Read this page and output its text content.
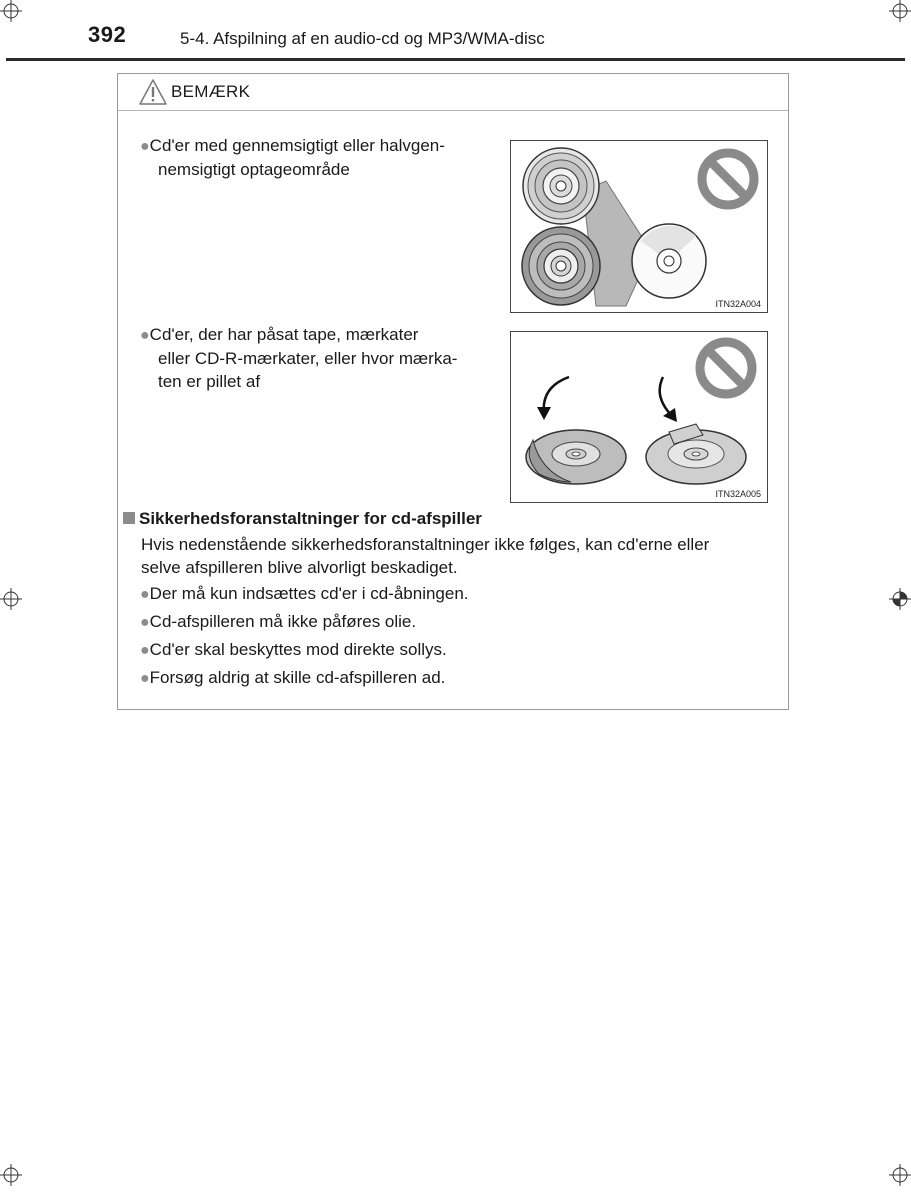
392	5-4. Afspilning af en audio-cd og MP3/WMA-disc
BEMÆRK
●Cd'er med gennemsigtigt eller halvgen-
nemsigtigt optageområde
ITN32A004
●Cd'er, der har påsat tape, mærkater
eller CD-R-mærkater, eller hvor mærka-
ten er pillet af
ITN32A005
Sikkerhedsforanstaltninger for cd-afspiller
Hvis nedenstående sikkerhedsforanstaltninger ikke følges, kan cd'erne eller
selve afspilleren blive alvorligt beskadiget.
●Der må kun indsættes cd'er i cd-åbningen.
●Cd-afspilleren må ikke påføres olie.
●Cd'er skal beskyttes mod direkte sollys.
●Forsøg aldrig at skille cd-afspilleren ad.
